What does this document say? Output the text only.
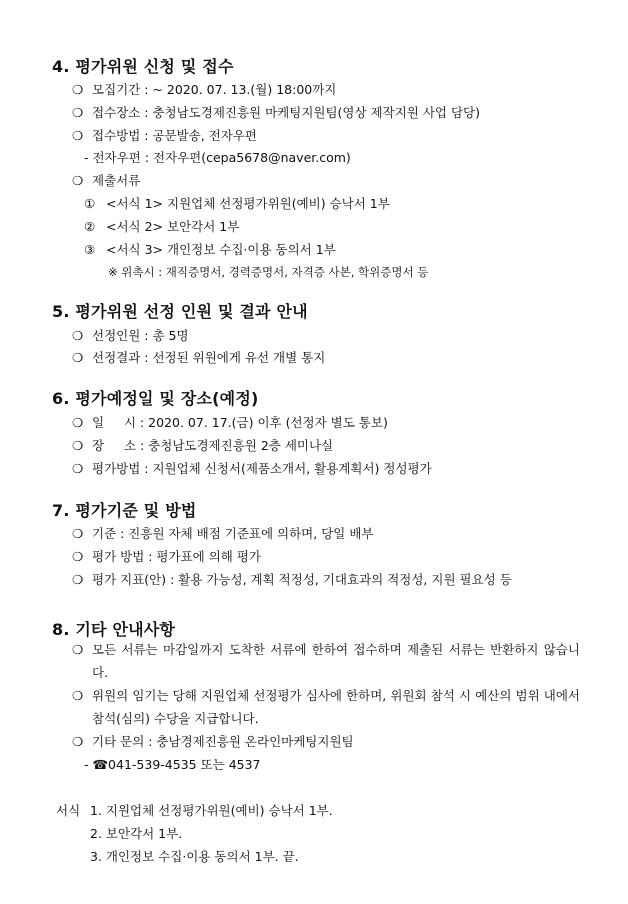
4. 평가위원 신청 및 접수
❍ 모집기간 : ~ 2020. 07. 13.(월) 18:00까지
❍ 접수장소 : 충청남도경제진흥원 마케팅지원팀(영상 제작지원 사업 담당)
❍ 접수방법 : 공문발송, 전자우편
- 전자우편 : 전자우편(cepa5678@naver.com)
❍ 제출서류
① <서식 1> 지원업체 선정평가위원(예비) 승낙서 1부
② <서식 2> 보안각서 1부
③ <서식 3> 개인정보 수집·이용 동의서 1부
※ 위촉시 : 재직증명서, 경력증명서, 자격증 사본, 학위증명서 등
5. 평가위원 선정 인원 및 결과 안내
❍ 선정인원 : 총 5명
❍ 선정결과 : 선정된 위원에게 유선 개별 통지
6. 평가예정일 및 장소(예정)
❍ 일     시 : 2020. 07. 17.(금) 이후 (선정자 별도 통보)
❍ 장     소 : 충청남도경제진흥원 2층 세미나실
❍ 평가방법 : 지원업체 신청서(제품소개서, 활용계획서) 정성평가
7. 평가기준 및 방법
❍ 기준 : 진흥원 자체 배점 기준표에 의하며, 당일 배부
❍ 평가 방법 : 평가표에 의해 평가
❍ 평가 지표(안) : 활용 가능성, 계획 적정성, 기대효과의 적정성, 지원 필요성 등
8. 기타 안내사항
❍ 모든 서류는 마감일까지 도착한 서류에 한하여 접수하며 제출된 서류는 반환하지 않습니다.
❍ 위원의 임기는 당해 지원업체 선정평가 심사에 한하며, 위원회 참석 시 예산의 범위 내에서 참석(심의) 수당을 지급합니다.
❍ 기타 문의 : 충남경제진흥원 온라인마케팅지원팀
- ☎041-539-4535 또는 4537
서식 1. 지원업체 선정평가위원(예비) 승낙서 1부.
2. 보안각서 1부.
3. 개인정보 수집·이용 동의서 1부. 끝.
